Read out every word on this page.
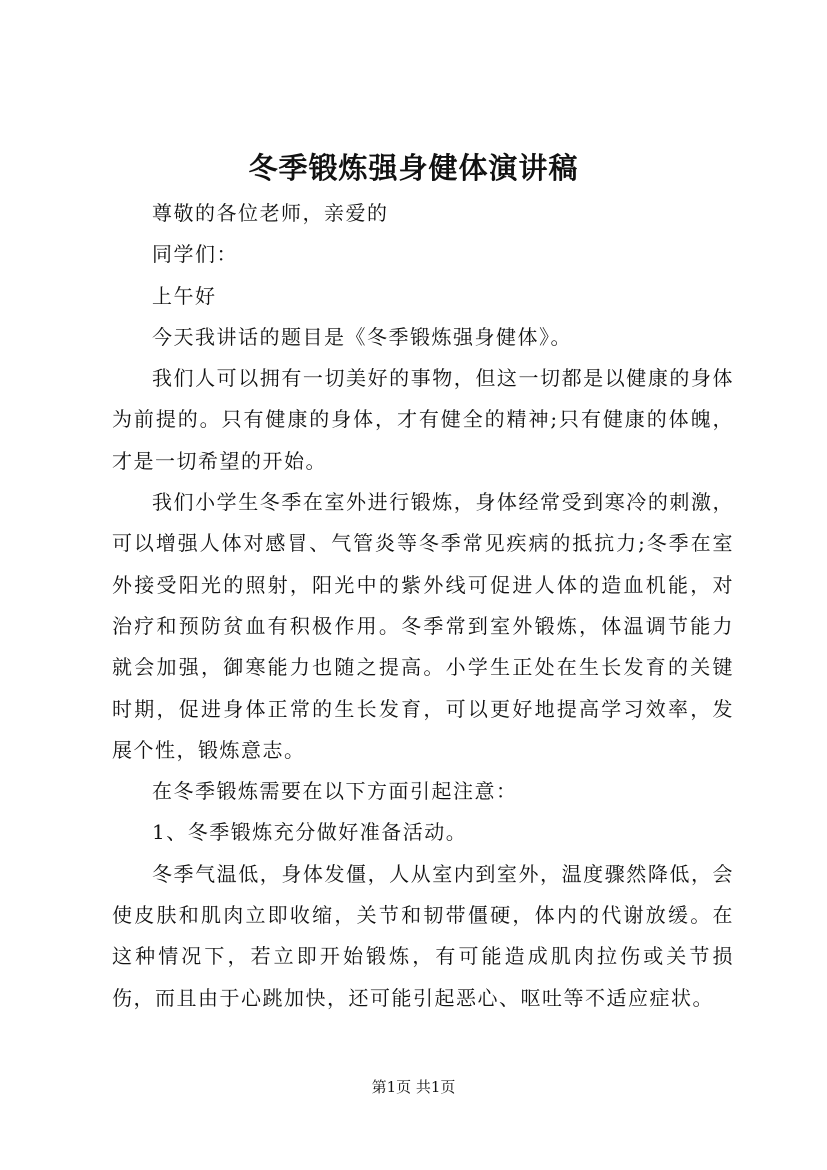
冬季锻炼强身健体演讲稿

尊敬的各位老师，亲爱的

同学们：

上午好

今天我讲话的题目是《冬季锻炼强身健体》。

我们人可以拥有一切美好的事物，但这一切都是以健康的身体为前提的。只有健康的身体，才有健全的精神;只有健康的体魄，才是一切希望的开始。

我们小学生冬季在室外进行锻炼，身体经常受到寒冷的刺激，可以增强人体对感冒、气管炎等冬季常见疾病的抵抗力;冬季在室外接受阳光的照射，阳光中的紫外线可促进人体的造血机能，对治疗和预防贫血有积极作用。冬季常到室外锻炼，体温调节能力就会加强，御寒能力也随之提高。小学生正处在生长发育的关键时期，促进身体正常的生长发育，可以更好地提高学习效率，发展个性，锻炼意志。

在冬季锻炼需要在以下方面引起注意：

1、冬季锻炼充分做好准备活动。

冬季气温低，身体发僵，人从室内到室外，温度骤然降低，会使皮肤和肌肉立即收缩，关节和韧带僵硬，体内的代谢放缓。在这种情况下，若立即开始锻炼，有可能造成肌肉拉伤或关节损伤，而且由于心跳加快，还可能引起恶心、呕吐等不适应症状。

第1页 共1页
